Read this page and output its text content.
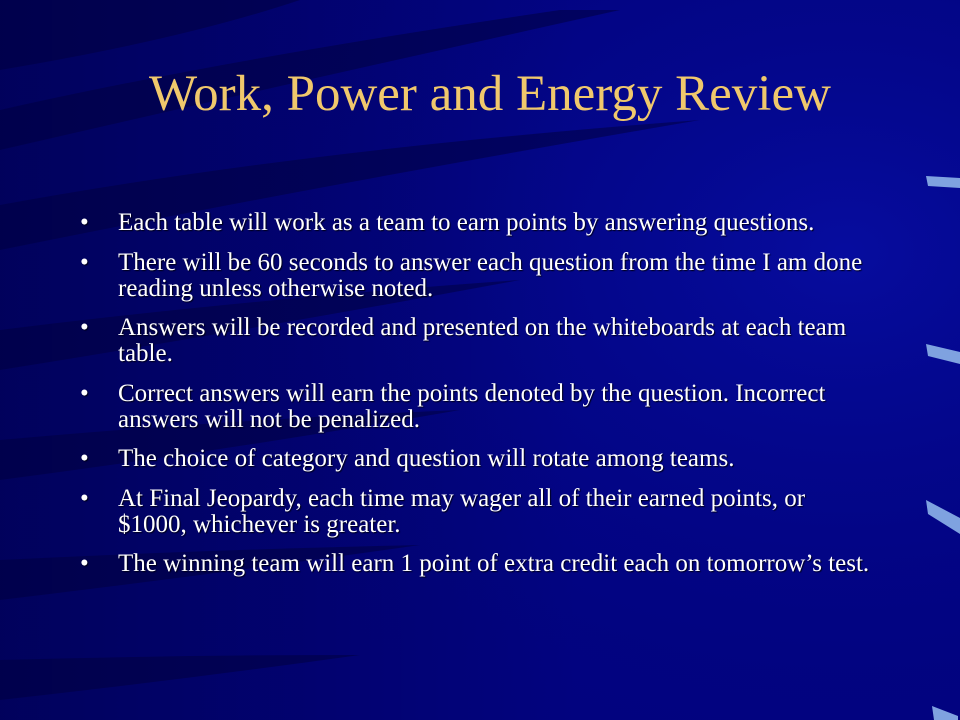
Work, Power and Energy Review
•	Each table will work as a team to earn points by answering questions.
•	There will be 60 seconds to answer each question from the time I am done reading unless otherwise noted.
•	Answers will be recorded and presented on the whiteboards at each team table.
•	Correct answers will earn the points denoted by the question. Incorrect answers will not be penalized.
•	The choice of category and question will rotate among teams.
•	At Final Jeopardy, each time may wager all of their earned points, or $1000, whichever is greater.
•	The winning team will earn 1 point of extra credit each on tomorrow’s test.
